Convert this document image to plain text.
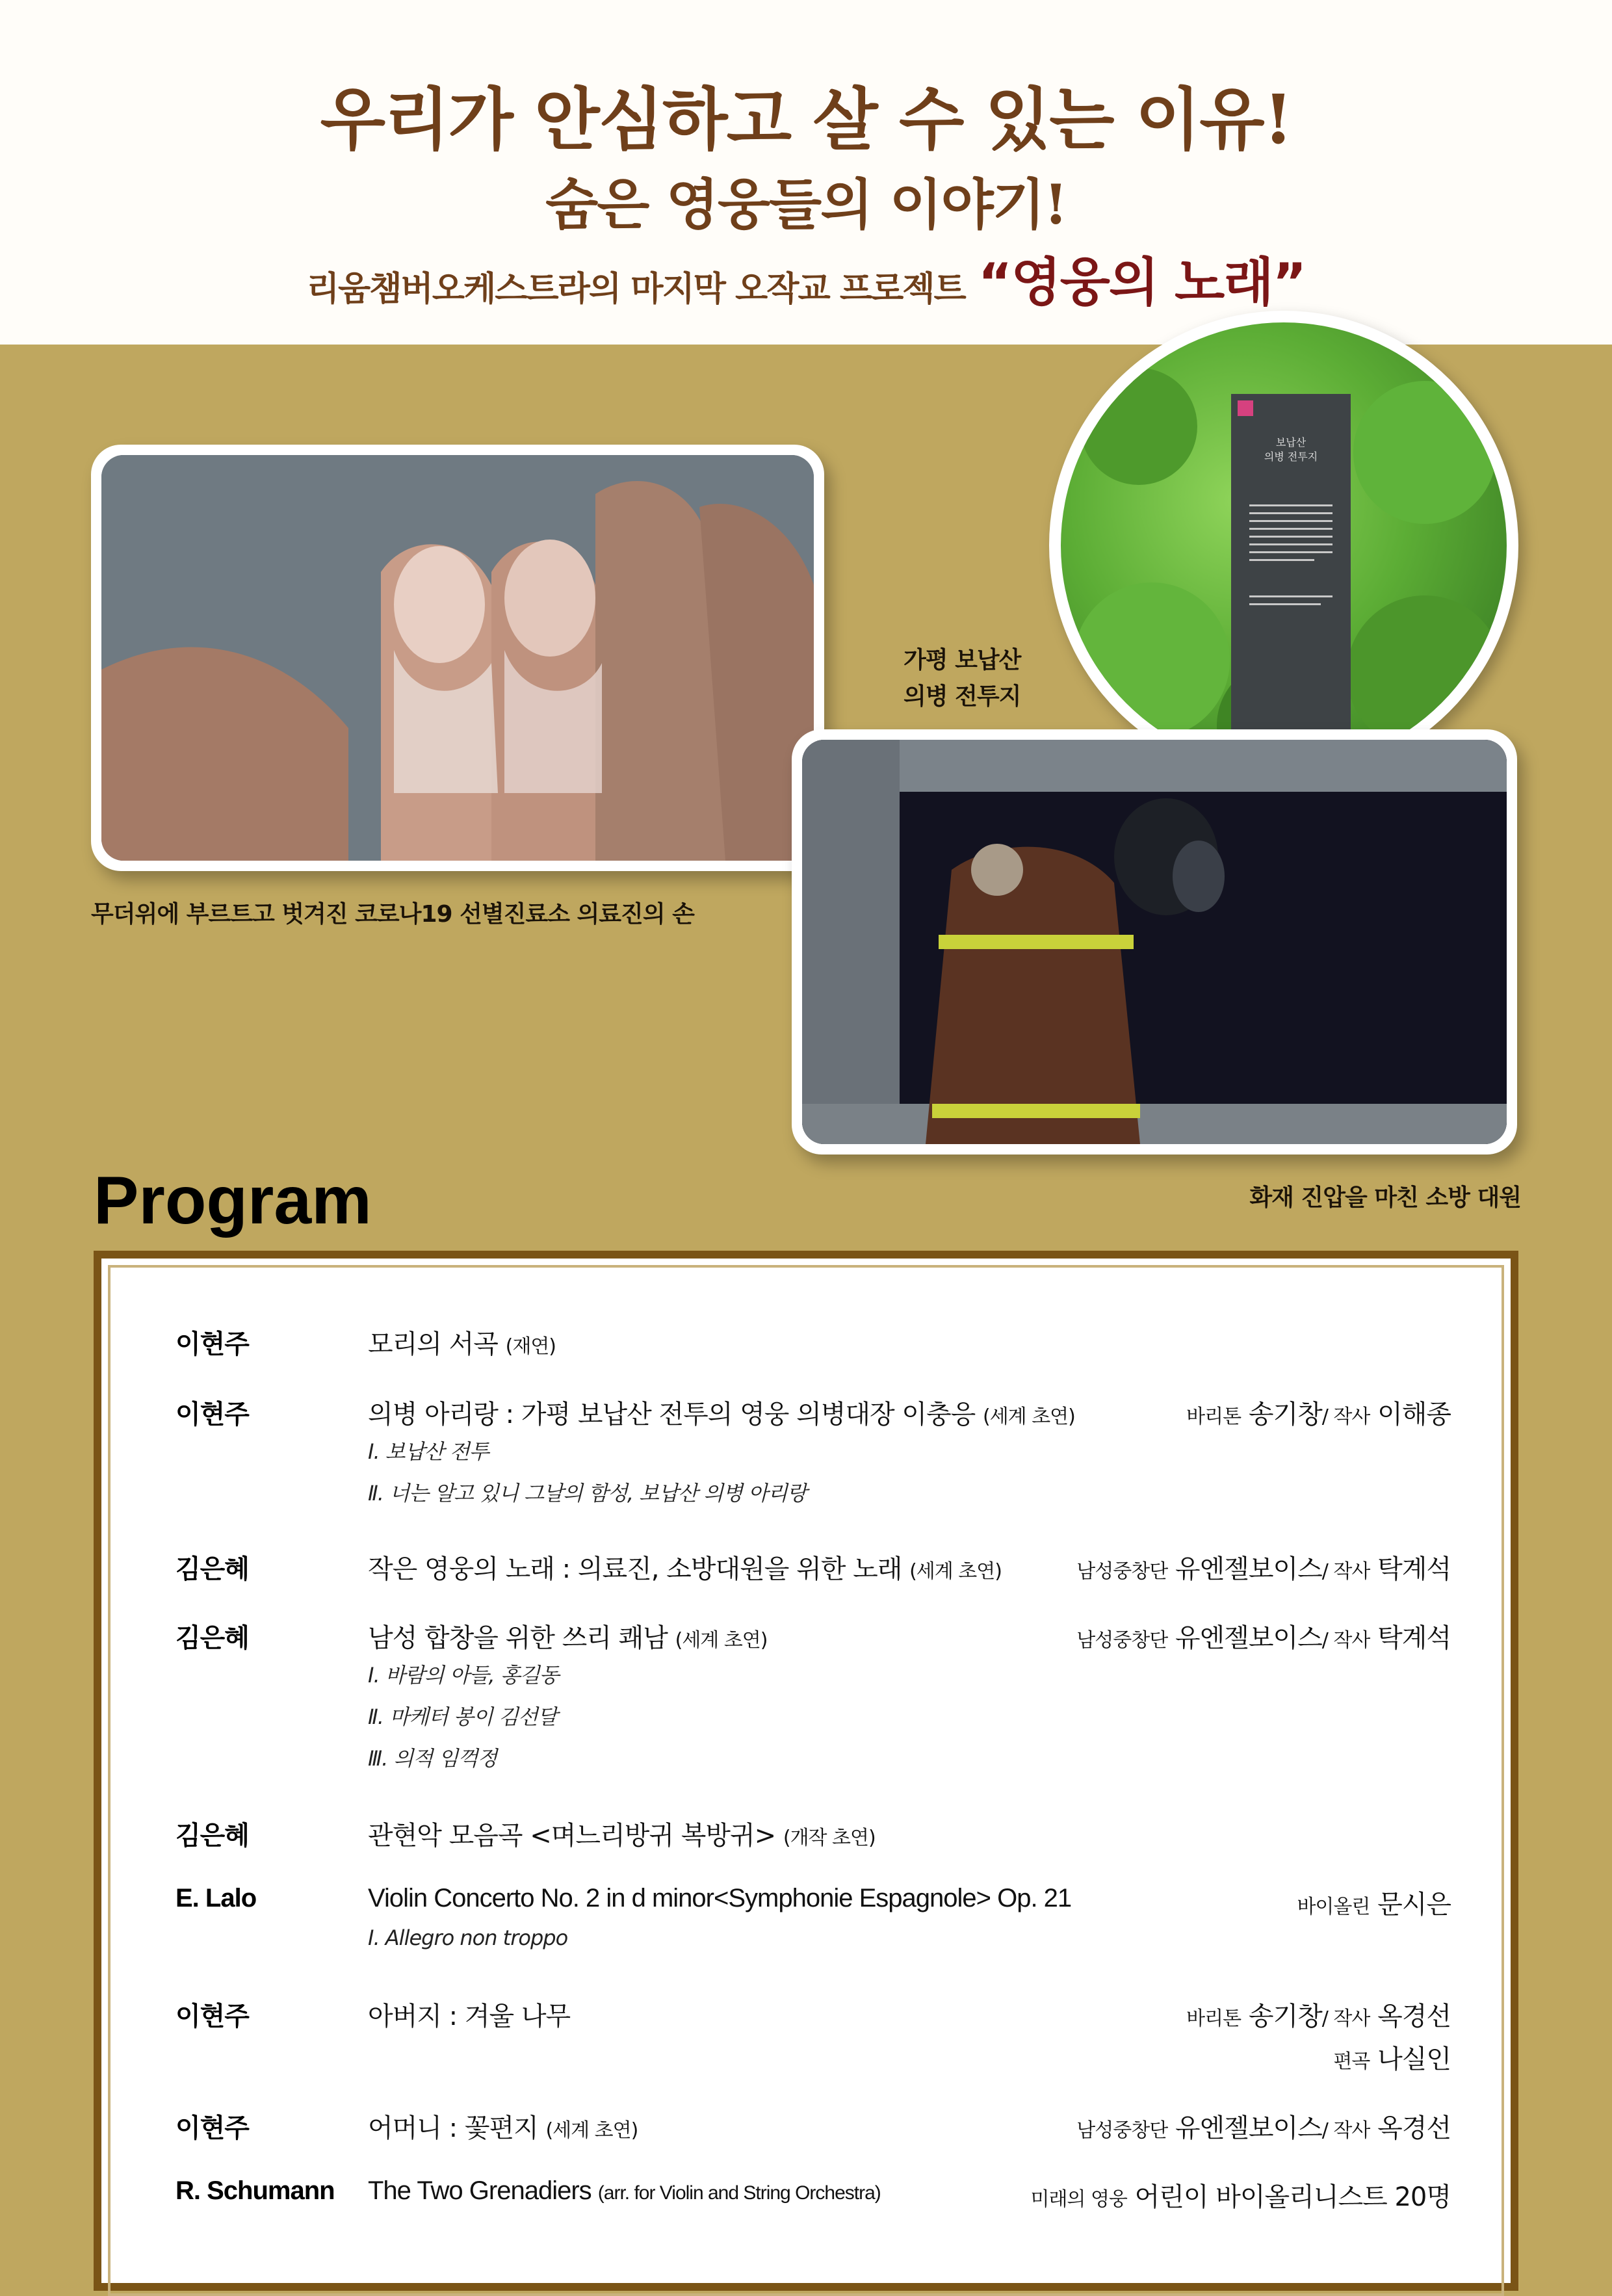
우리가 안심하고 살 수 있는 이유!
숨은 영웅들의 이야기!
리움챔버오케스트라의 마지막 오작교 프로젝트 “영웅의 노래”
무더위에 부르트고 벗겨진 코로나19 선별진료소 의료진의 손
보납산
의병 전투지
가평 보납산
의병 전투지
화재 진압을 마친 소방 대원
Program
이현주	모리의 서곡 (재연)
이현주	의병 아리랑 : 가평 보납산 전투의 영웅 의병대장 이충응 (세계 초연)	바리톤 송기창/ 작사 이해종
Ⅰ. 보납산 전투
Ⅱ. 너는 알고 있니 그날의 함성, 보납산 의병 아리랑
김은혜	작은 영웅의 노래 : 의료진, 소방대원을 위한 노래 (세계 초연)	남성중창단 유엔젤보이스/ 작사 탁계석
김은혜	남성 합창을 위한 쓰리 쾌남 (세계 초연)	남성중창단 유엔젤보이스/ 작사 탁계석
Ⅰ. 바람의 아들, 홍길동
Ⅱ. 마케터 봉이 김선달
Ⅲ. 의적 임꺽정
김은혜	관현악 모음곡 <며느리방귀 복방귀> (개작 초연)
E. Lalo	Violin Concerto No. 2 in d minor<Symphonie Espagnole> Op. 21	바이올린 문시은
Ⅰ. Allegro non troppo
이현주	아버지 : 겨울 나무	바리톤 송기창/ 작사 옥경선
편곡 나실인
이현주	어머니 : 꽃편지 (세계 초연)	남성중창단 유엔젤보이스/ 작사 옥경선
R. Schumann The Two Grenadiers (arr. for Violin and String Orchestra)	미래의 영웅 어린이 바이올리니스트 20명
